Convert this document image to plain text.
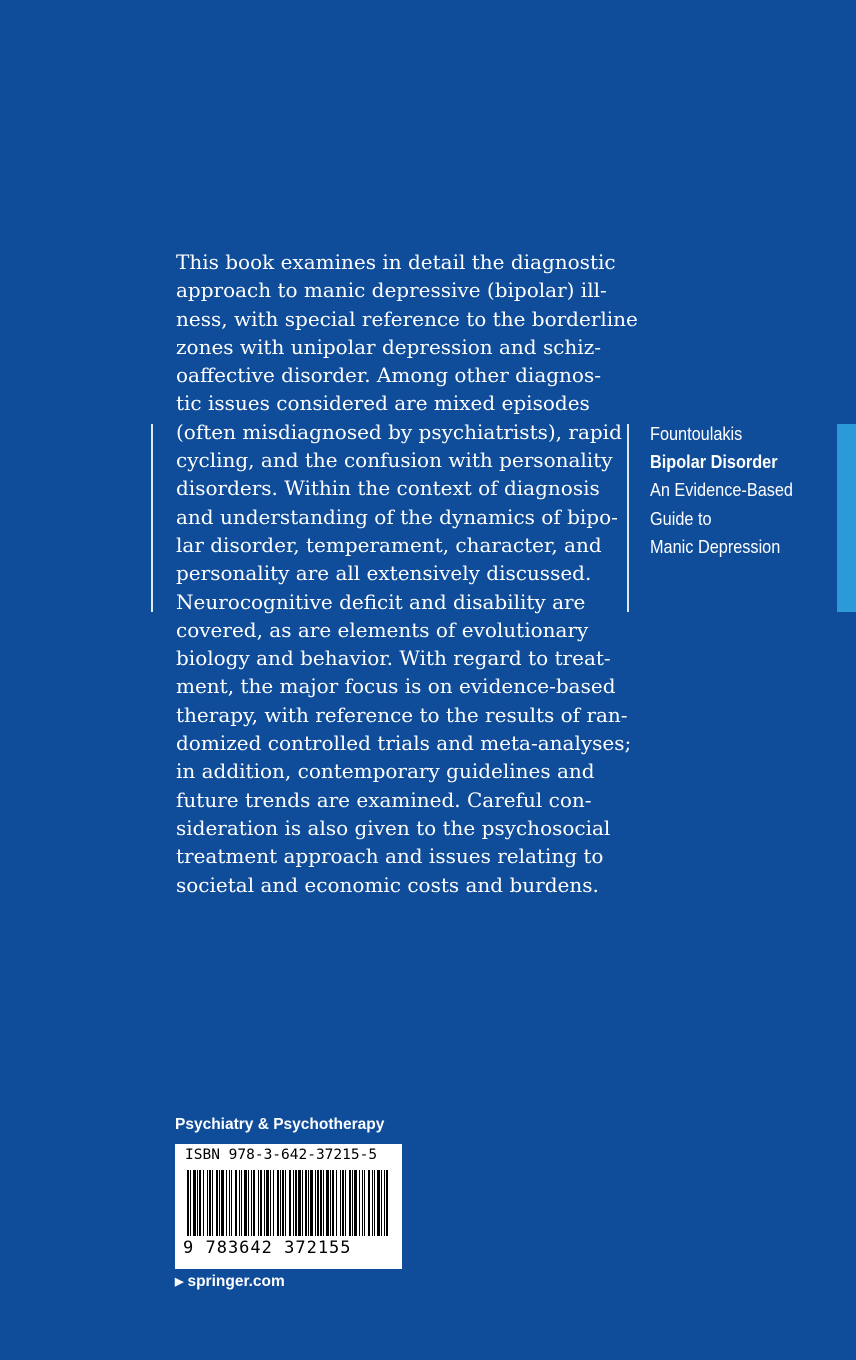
This book examines in detail the diagnostic
approach to manic depressive (bipolar) ill-
ness, with special reference to the borderline
zones with unipolar depression and schiz-
oaffective disorder. Among other diagnos-
tic issues considered are mixed episodes
(often misdiagnosed by psychiatrists), rapid
cycling, and the confusion with personality
disorders. Within the context of diagnosis
and understanding of the dynamics of bipo-
lar disorder, temperament, character, and
personality are all extensively discussed.
Neurocognitive deficit and disability are
covered, as are elements of evolutionary
biology and behavior. With regard to treat-
ment, the major focus is on evidence-based
therapy, with reference to the results of ran-
domized controlled trials and meta-analyses;
in addition, contemporary guidelines and
future trends are examined. Careful con-
sideration is also given to the psychosocial
treatment approach and issues relating to
societal and economic costs and burdens.
Fountoulakis
Bipolar Disorder
An Evidence-Based
Guide to
Manic Depression
Psychiatry & Psychotherapy
ISBN 978-3-642-37215-5
9 783642 372155
▶ springer.com
